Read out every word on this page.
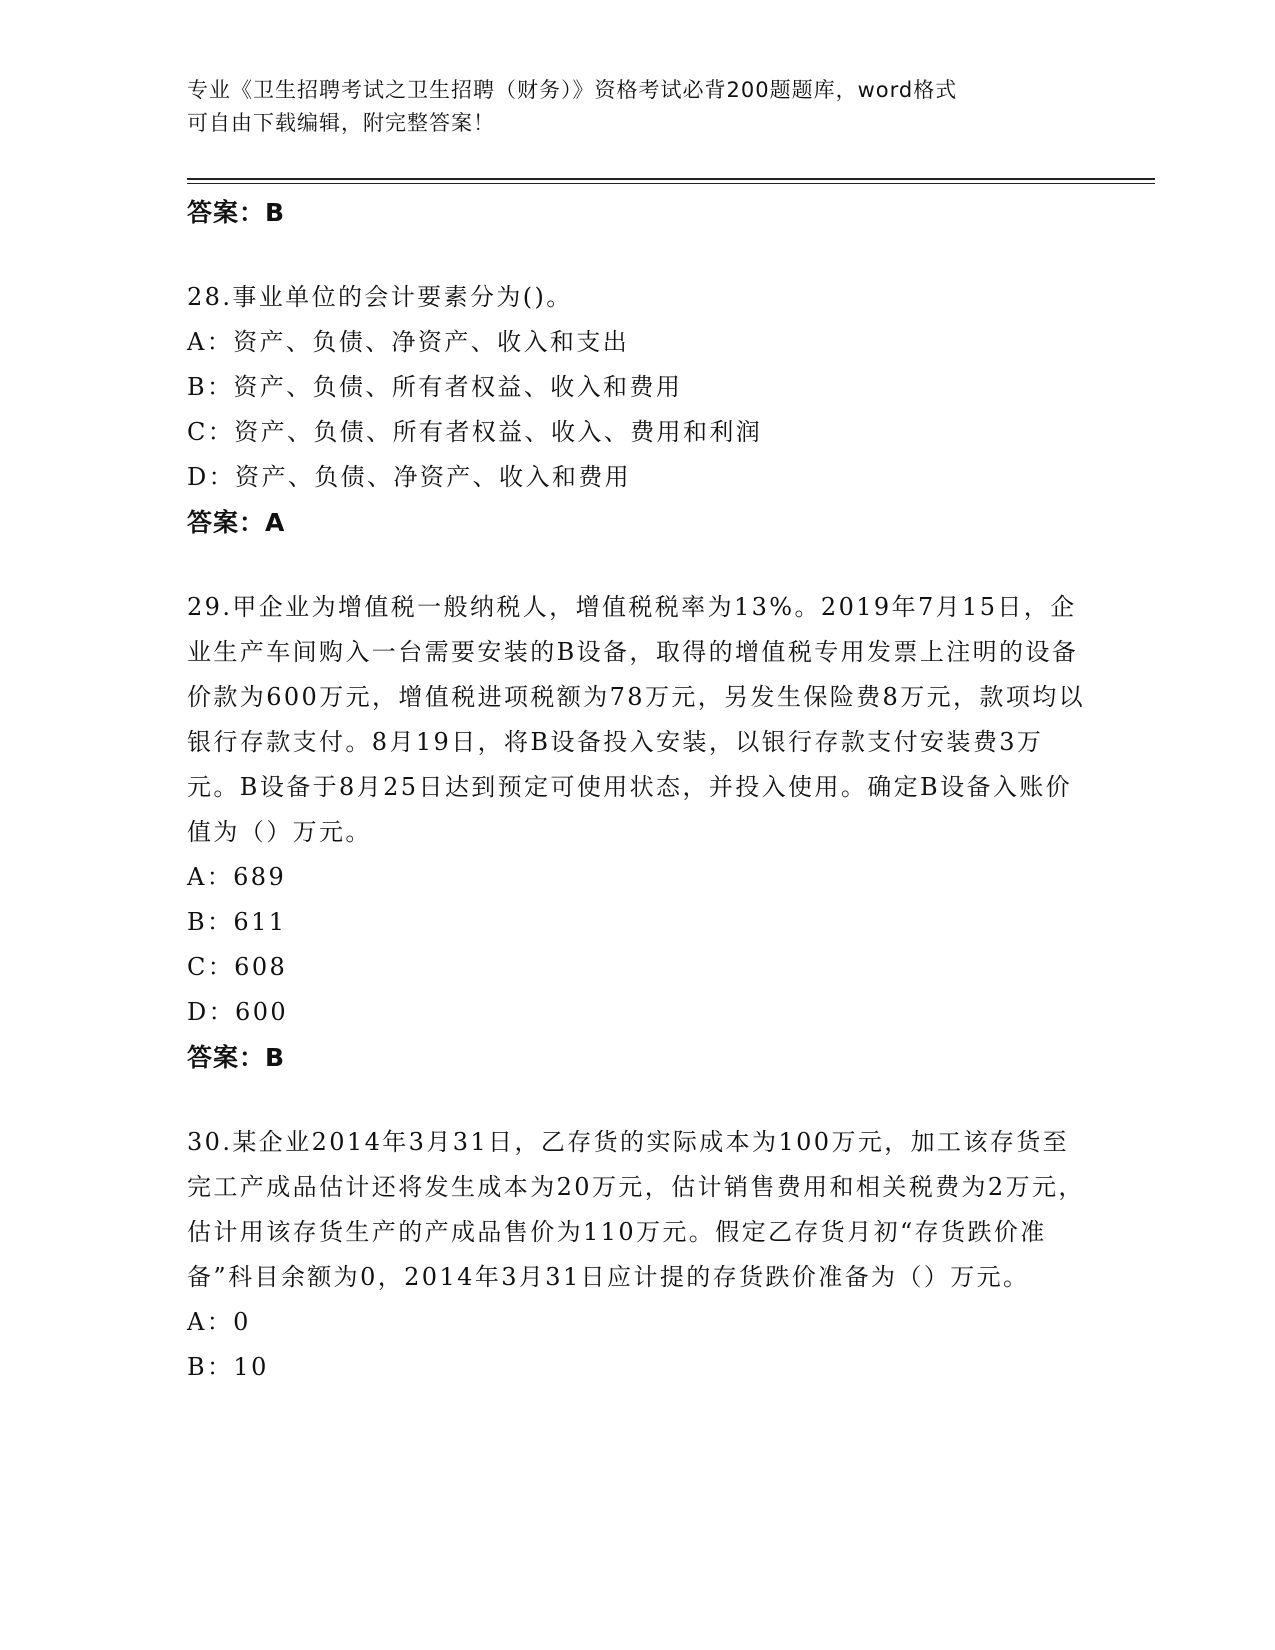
专业《卫生招聘考试之卫生招聘（财务）》资格考试必背200题题库，word格式
可自由下载编辑，附完整答案！
答案：B
28.事业单位的会计要素分为()。
A：资产、负债、净资产、收入和支出
B：资产、负债、所有者权益、收入和费用
C：资产、负债、所有者权益、收入、费用和利润
D：资产、负债、净资产、收入和费用
答案：A
29.甲企业为增值税一般纳税人，增值税税率为13%。2019年7月15日，企业生产车间购入一台需要安装的B设备，取得的增值税专用发票上注明的设备价款为600万元，增值税进项税额为78万元，另发生保险费8万元，款项均以银行存款支付。8月19日，将B设备投入安装，以银行存款支付安装费3万元。B设备于8月25日达到预定可使用状态，并投入使用。确定B设备入账价值为（）万元。
A：689
B：611
C：608
D：600
答案：B
30.某企业2014年3月31日，乙存货的实际成本为100万元，加工该存货至完工产成品估计还将发生成本为20万元，估计销售费用和相关税费为2万元，估计用该存货生产的产成品售价为110万元。假定乙存货月初“存货跌价准备”科目余额为0，2014年3月31日应计提的存货跌价准备为（）万元。
A：0
B：10
